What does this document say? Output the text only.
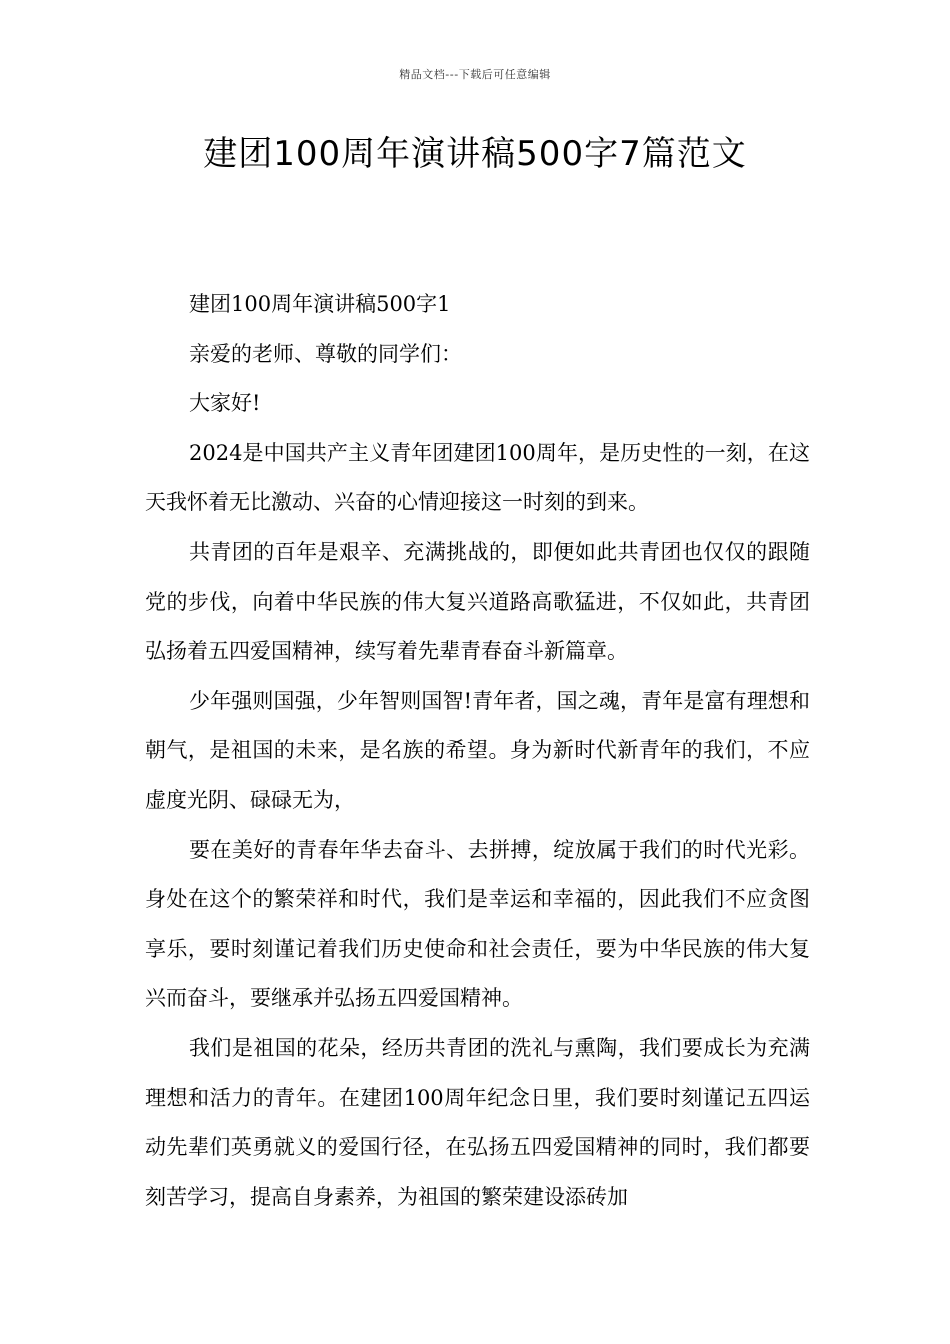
精品文档---下载后可任意编辑
建团100周年演讲稿500字7篇范文

建团100周年演讲稿500字1

亲爱的老师、尊敬的同学们：

大家好!

2024是中国共产主义青年团建团100周年，是历史性的一刻，在这天我怀着无比激动、兴奋的心情迎接这一时刻的到来。

共青团的百年是艰辛、充满挑战的，即便如此共青团也仅仅的跟随党的步伐，向着中华民族的伟大复兴道路高歌猛进，不仅如此，共青团弘扬着五四爱国精神，续写着先辈青春奋斗新篇章。

少年强则国强，少年智则国智!青年者，国之魂，青年是富有理想和朝气，是祖国的未来，是名族的希望。身为新时代新青年的我们，不应虚度光阴、碌碌无为，

要在美好的青春年华去奋斗、去拼搏，绽放属于我们的时代光彩。身处在这个的繁荣祥和时代，我们是幸运和幸福的，因此我们不应贪图享乐，要时刻谨记着我们历史使命和社会责任，要为中华民族的伟大复兴而奋斗，要继承并弘扬五四爱国精神。

我们是祖国的花朵，经历共青团的洗礼与熏陶，我们要成长为充满理想和活力的青年。在建团100周年纪念日里，我们要时刻谨记五四运动先辈们英勇就义的爱国行径，在弘扬五四爱国精神的同时，我们都要刻苦学习，提高自身素养，为祖国的繁荣建设添砖加
